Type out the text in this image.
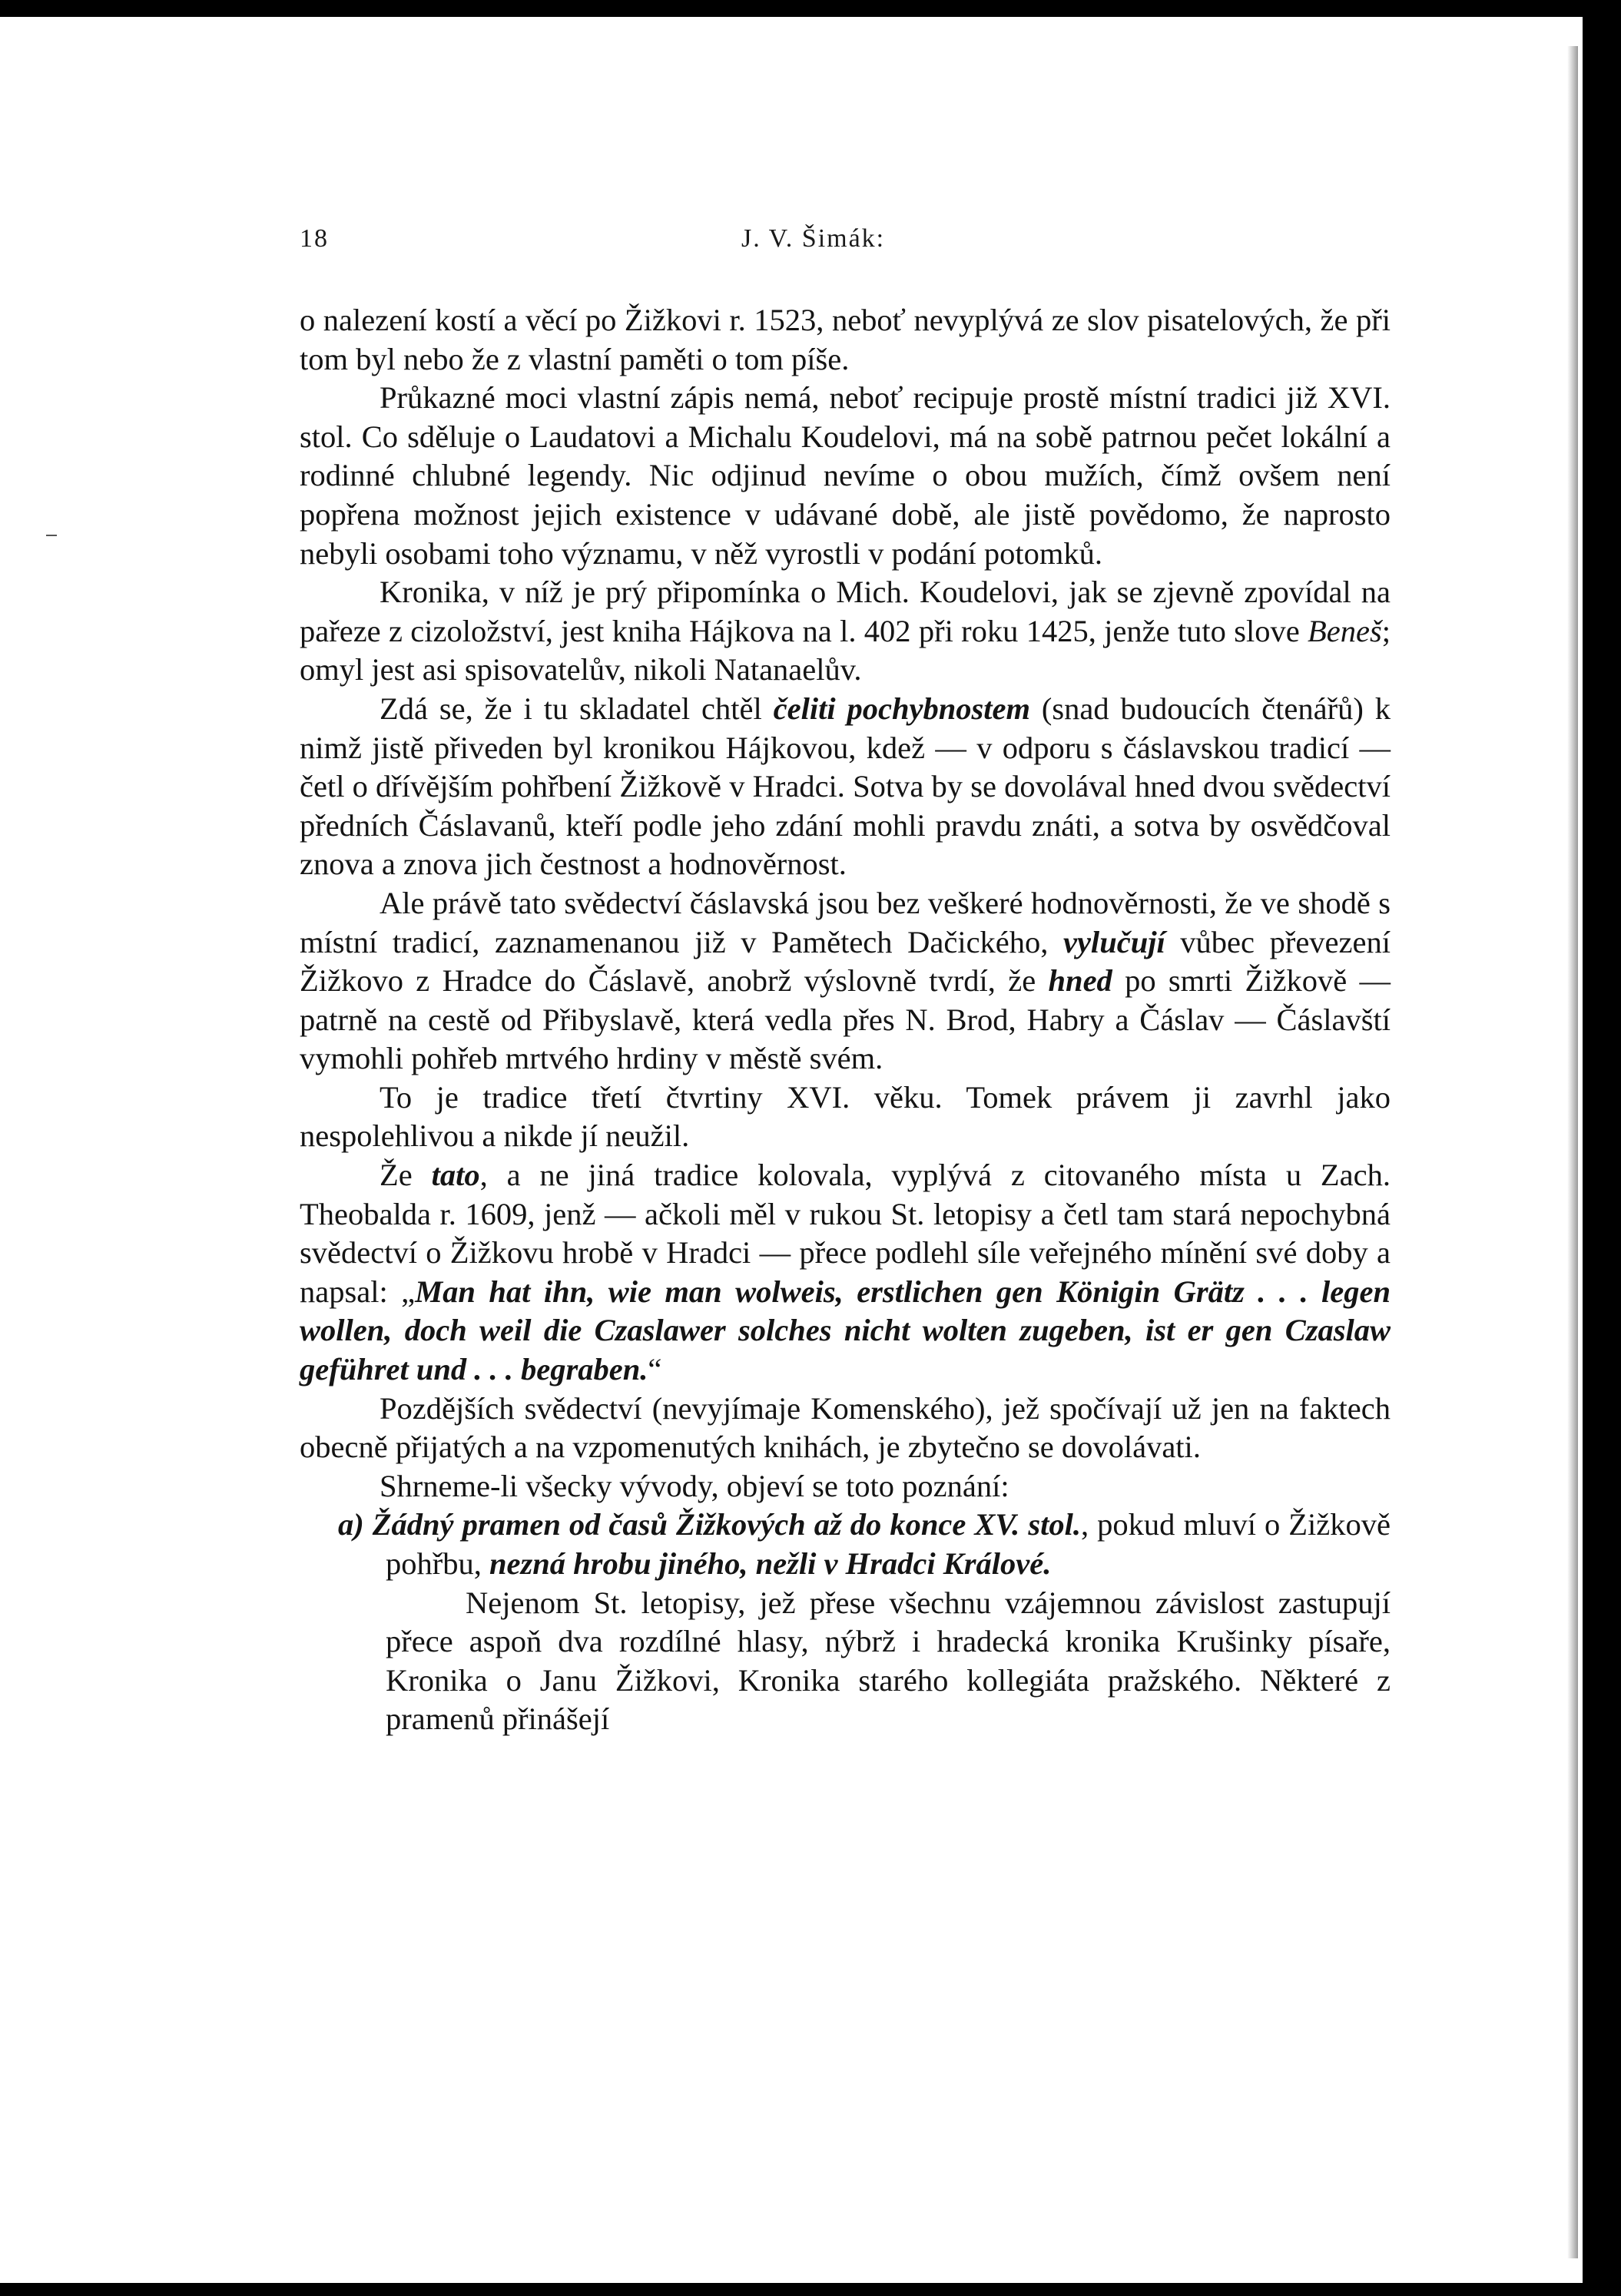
18	J. V. Šimák:

o nalezení kostí a věcí po Žižkovi r. 1523, neboť nevyplývá ze slov pisatelových, že při tom byl nebo že z vlastní paměti o tom píše.

Průkazné moci vlastní zápis nemá, neboť recipuje prostě místní tradici již XVI. stol. Co sděluje o Laudatovi a Michalu Koudelovi, má na sobě patrnou pečet lokální a rodinné chlubné legendy. Nic odjinud nevíme o obou mužích, čímž ovšem není popřena možnost jejich existence v udávané době, ale jistě pověd​omo, že naprosto nebyli osobami toho významu, v něž vyrostli v podání potomků.

Kronika, v níž je prý připomínka o Mich. Koudelovi, jak se zjevně zpovídal na pařeze z cizoložství, jest kniha Hájkova na l. 402 při roku 1425, jenže tuto slove Beneš; omyl jest asi spisovatelův, nikoli Natanaelův.

Zdá se, že i tu skladatel chtěl čeliti pochybnostem (snad budoucích čtenářů) k nimž jistě přiveden byl kronikou Hájkovou, kdež — v odporu s čáslavskou tradicí — četl o dřívějším pohřbení Žižkově v Hradci. Sotva by se dovolával hned dvou svědectví předních Čáslavanů, kteří podle jeho zdání mohli pravdu znáti, a sotva by osvědčoval znova a znova jich čestnost a hodnověrnost.

Ale právě tato svědectví čáslavská jsou bez veškeré hodnověrnosti, že ve shodě s místní tradicí, zaznamenanou již v Pamětech Dačického, vylučují vůbec převezení Žižkovo z Hradce do Čáslavě, anobrž výslovně tvrdí, že hned po smrti Žižkově — patrně na cestě od Přibyslavě, která vedla přes N. Brod, Habry a Čáslav — Čáslavští vymohli pohřeb mrtvého hrdiny v městě svém.

To je tradice třetí čtvrtiny XVI. věku. Tomek právem ji zavrhl jako nespolehlivou a nikde jí neužil.

Že tato, a ne jiná tradice kolovala, vyplývá z citovaného místa u Zach. Theobalda r. 1609, jenž — ačkoli měl v rukou St. letopisy a četl tam stará nepochybná svědectví o Žižkovu hrobě v Hradci — přece podlehl síle veřejného mínění své doby a napsal: „Man hat ihn, wie man wolweis, erstlichen gen Königin Grätz . . . legen wollen, doch weil die Czaslawer solches nicht wolten zugeben, ist er gen Czaslaw geführet und . . . begraben.“

Pozdějších svědectví (nevyjímaje Komenského), jež spočívají už jen na faktech obecně přijatých a na vzpomenutých knihách, je zbytečno se dovolávati.

Shrneme-li všecky vývody, objeví se toto poznání:

a) Žádný pramen od časů Žižkových až do konce XV. stol., pokud mluví o Žižkově pohřbu, nezná hrobu jiného, nežli v Hradci Králové.

Nejenom St. letopisy, jež přese všechnu vzájemnou závislost zastupují přece aspoň dva rozdílné hlasy, nýbrž i hradecká kronika Krušinky písaře, Kronika o Janu Žižkovi, Kronika starého kollegiáta pražského. Některé z pramenů přinášejí
